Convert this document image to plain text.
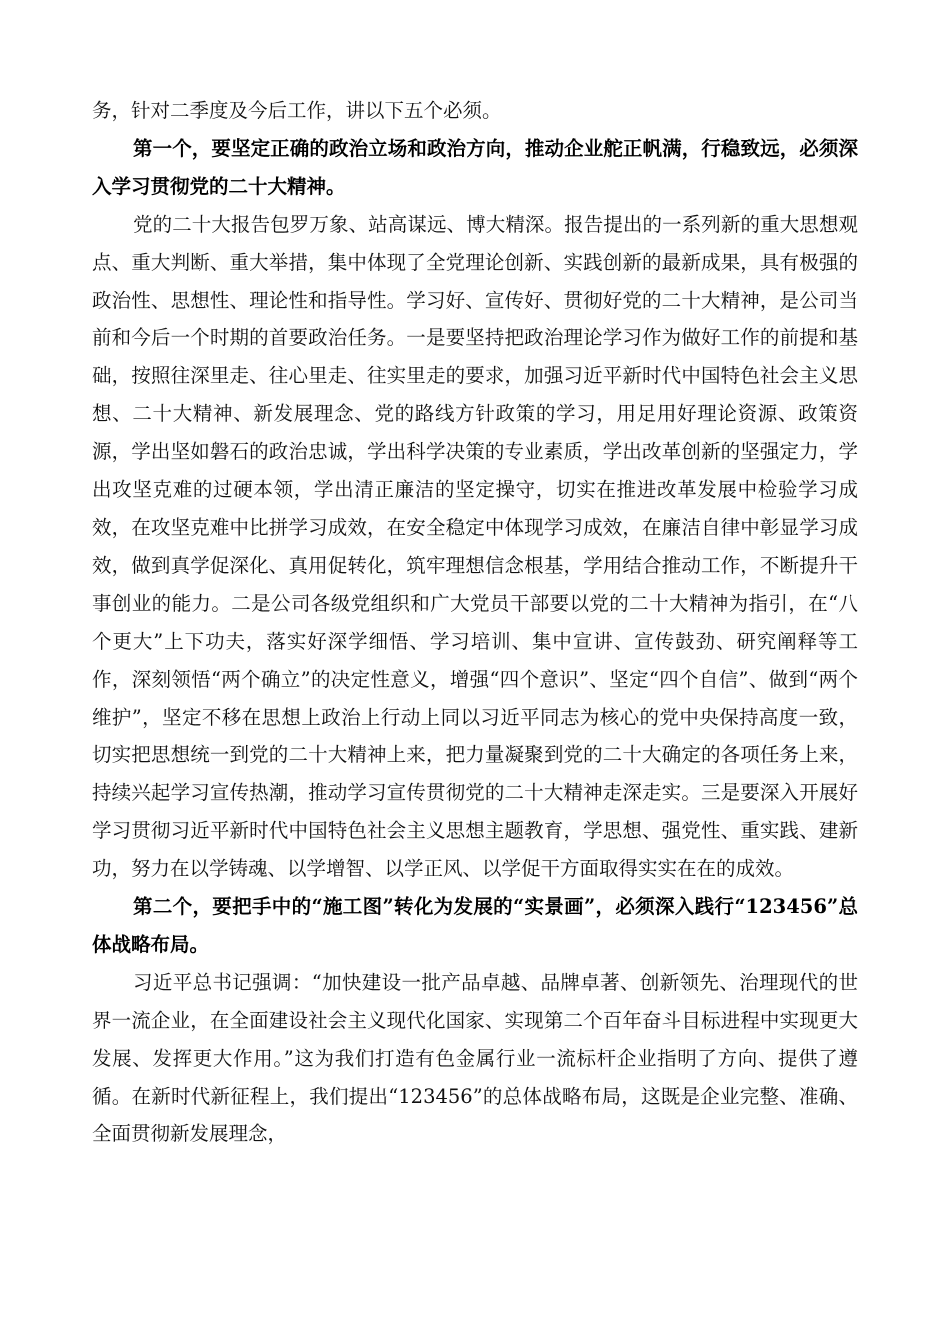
务，针对二季度及今后工作，讲以下五个必须。

第一个，要坚定正确的政治立场和政治方向，推动企业舵正帆满，行稳致远，必须深入学习贯彻党的二十大精神。

党的二十大报告包罗万象、站高谋远、博大精深。报告提出的一系列新的重大思想观点、重大判断、重大举措，集中体现了全党理论创新、实践创新的最新成果，具有极强的政治性、思想性、理论性和指导性。学习好、宣传好、贯彻好党的二十大精神，是公司当前和今后一个时期的首要政治任务。一是要坚持把政治理论学习作为做好工作的前提和基础，按照往深里走、往心里走、往实里走的要求，加强习近平新时代中国特色社会主义思想、二十大精神、新发展理念、党的路线方针政策的学习，用足用好理论资源、政策资源，学出坚如磐石的政治忠诚，学出科学决策的专业素质，学出改革创新的坚强定力，学出攻坚克难的过硬本领，学出清正廉洁的坚定操守，切实在推进改革发展中检验学习成效，在攻坚克难中比拼学习成效，在安全稳定中体现学习成效，在廉洁自律中彰显学习成效，做到真学促深化、真用促转化，筑牢理想信念根基，学用结合推动工作，不断提升干事创业的能力。二是公司各级党组织和广大党员干部要以党的二十大精神为指引，在“八个更大”上下功夫，落实好深学细悟、学习培训、集中宣讲、宣传鼓劲、研究阐释等工作，深刻领悟“两个确立”的决定性意义，增强“四个意识”、坚定“四个自信”、做到“两个维护”，坚定不移在思想上政治上行动上同以习近平同志为核心的党中央保持高度一致，切实把思想统一到党的二十大精神上来，把力量凝聚到党的二十大确定的各项任务上来，持续兴起学习宣传热潮，推动学习宣传贯彻党的二十大精神走深走实。三是要深入开展好学习贯彻习近平新时代中国特色社会主义思想主题教育，学思想、强党性、重实践、建新功，努力在以学铸魂、以学增智、以学正风、以学促干方面取得实实在在的成效。

第二个，要把手中的“施工图”转化为发展的“实景画”，必须深入践行“123456”总体战略布局。

习近平总书记强调：“加快建设一批产品卓越、品牌卓著、创新领先、治理现代的世界一流企业，在全面建设社会主义现代化国家、实现第二个百年奋斗目标进程中实现更大发展、发挥更大作用。”这为我们打造有色金属行业一流标杆企业指明了方向、提供了遵循。在新时代新征程上，我们提出“123456”的总体战略布局，这既是企业完整、准确、全面贯彻新发展理念，
